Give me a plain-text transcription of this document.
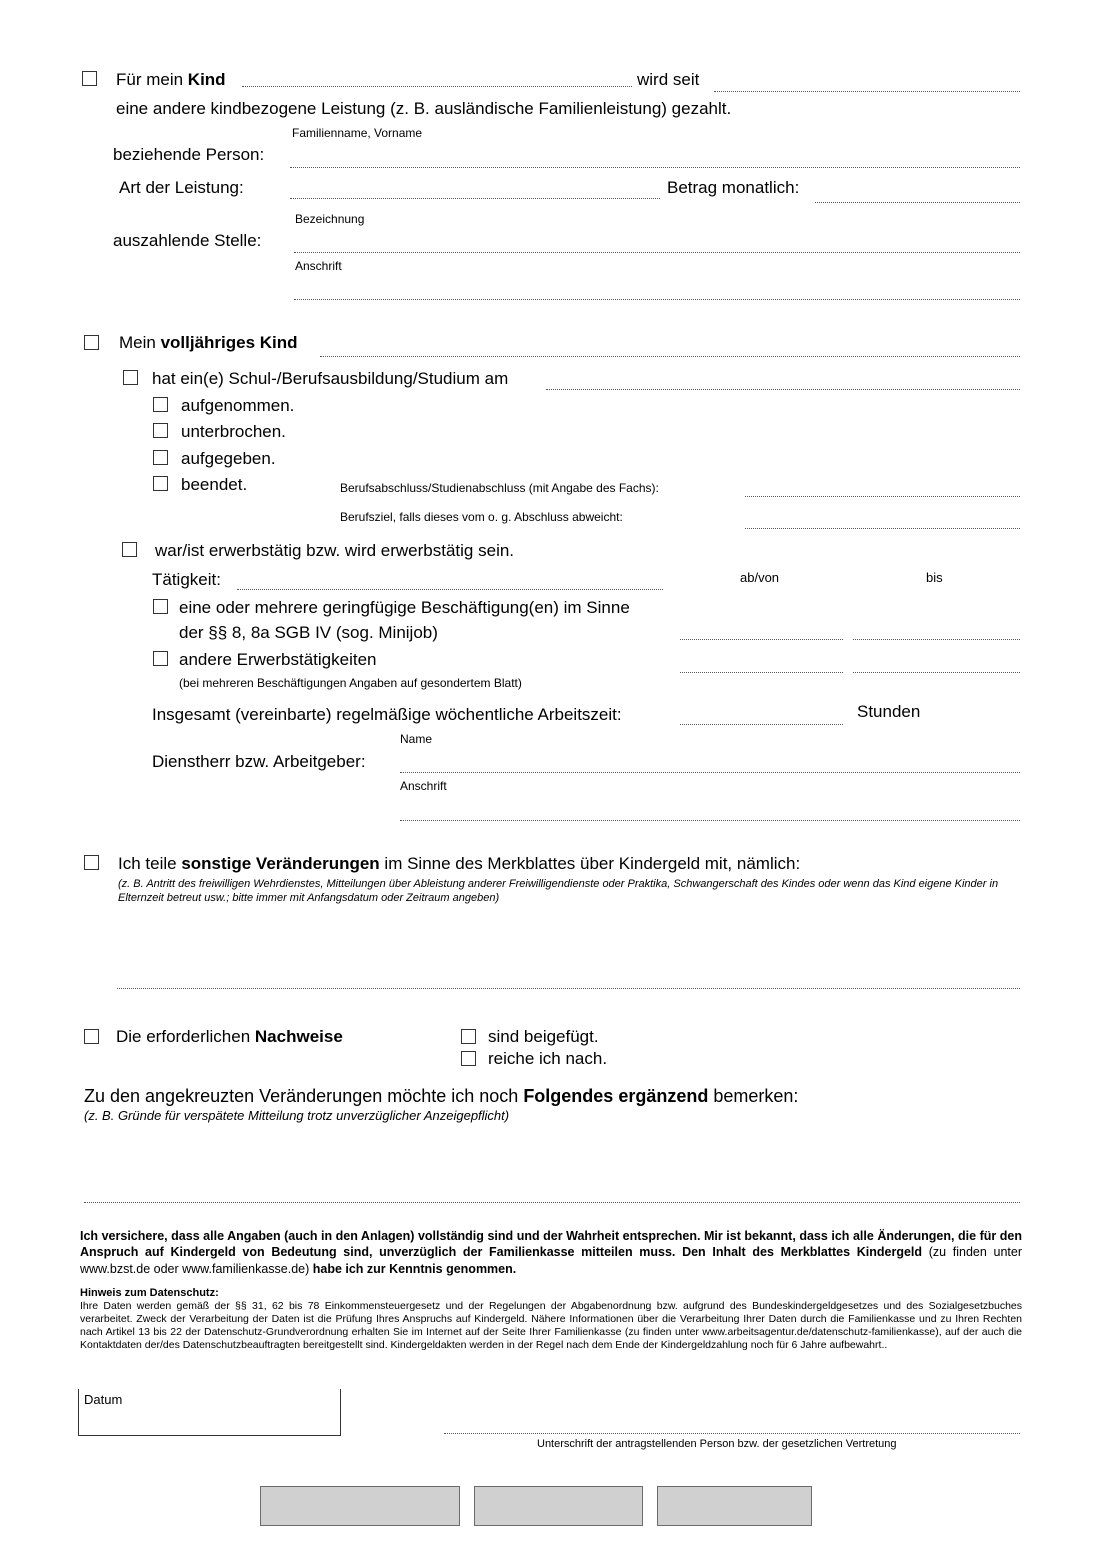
Für mein Kind	wird seit
eine andere kindbezogene Leistung (z. B. ausländische Familienleistung) gezahlt.
Familienname, Vorname
beziehende Person:
Art der Leistung:	Betrag monatlich:
Bezeichnung
auszahlende Stelle:
Anschrift
Mein volljähriges Kind
hat ein(e) Schul-/Berufsausbildung/Studium am
aufgenommen.
unterbrochen.
aufgegeben.
beendet.	Berufsabschluss/Studienabschluss (mit Angabe des Fachs):
Berufsziel, falls dieses vom o. g. Abschluss abweicht:
war/ist erwerbstätig bzw. wird erwerbstätig sein.
Tätigkeit:	ab/von	bis
eine oder mehrere geringfügige Beschäftigung(en) im Sinne
der §§ 8, 8a SGB IV (sog. Minijob)
andere Erwerbstätigkeiten
(bei mehreren Beschäftigungen Angaben auf gesondertem Blatt)
Insgesamt (vereinbarte) regelmäßige wöchentliche Arbeitszeit:	Stunden
Name
Dienstherr bzw. Arbeitgeber:
Anschrift
Ich teile sonstige Veränderungen im Sinne des Merkblattes über Kindergeld mit, nämlich:
(z. B. Antritt des freiwilligen Wehrdienstes, Mitteilungen über Ableistung anderer Freiwilligendienste oder Praktika, Schwangerschaft des Kindes oder wenn das Kind eigene Kinder in Elternzeit betreut usw.; bitte immer mit Anfangsdatum oder Zeitraum angeben)
Die erforderlichen Nachweise	sind beigefügt.
reiche ich nach.
Zu den angekreuzten Veränderungen möchte ich noch Folgendes ergänzend bemerken:
(z. B. Gründe für verspätete Mitteilung trotz unverzüglicher Anzeigepflicht)
Ich versichere, dass alle Angaben (auch in den Anlagen) vollständig sind und der Wahrheit entsprechen. Mir ist bekannt, dass ich alle Änderungen, die für den Anspruch auf Kindergeld von Bedeutung sind, unverzüglich der Familienkasse mitteilen muss. Den Inhalt des Merkblattes Kindergeld (zu finden unter www.bzst.de oder www.familienkasse.de) habe ich zur Kenntnis genommen.
Hinweis zum Datenschutz:
Ihre Daten werden gemäß der §§ 31, 62 bis 78 Einkommensteuergesetz und der Regelungen der Abgabenordnung bzw. aufgrund des Bundeskindergeldgesetzes und des Sozialgesetzbuches verarbeitet. Zweck der Verarbeitung der Daten ist die Prüfung Ihres Anspruchs auf Kindergeld. Nähere Informationen über die Verarbeitung Ihrer Daten durch die Familienkasse und zu Ihren Rechten nach Artikel 13 bis 22 der Datenschutz-Grundverordnung erhalten Sie im Internet auf der Seite Ihrer Familienkasse (zu finden unter www.arbeitsagentur.de/datenschutz-familienkasse), auf der auch die Kontaktdaten der/des Datenschutzbeauftragten bereitgestellt sind. Kindergeldakten werden in der Regel nach dem Ende der Kindergeldzahlung noch für 6 Jahre aufbewahrt..
Datum
Unterschrift der antragstellenden Person bzw. der gesetzlichen Vertretung
